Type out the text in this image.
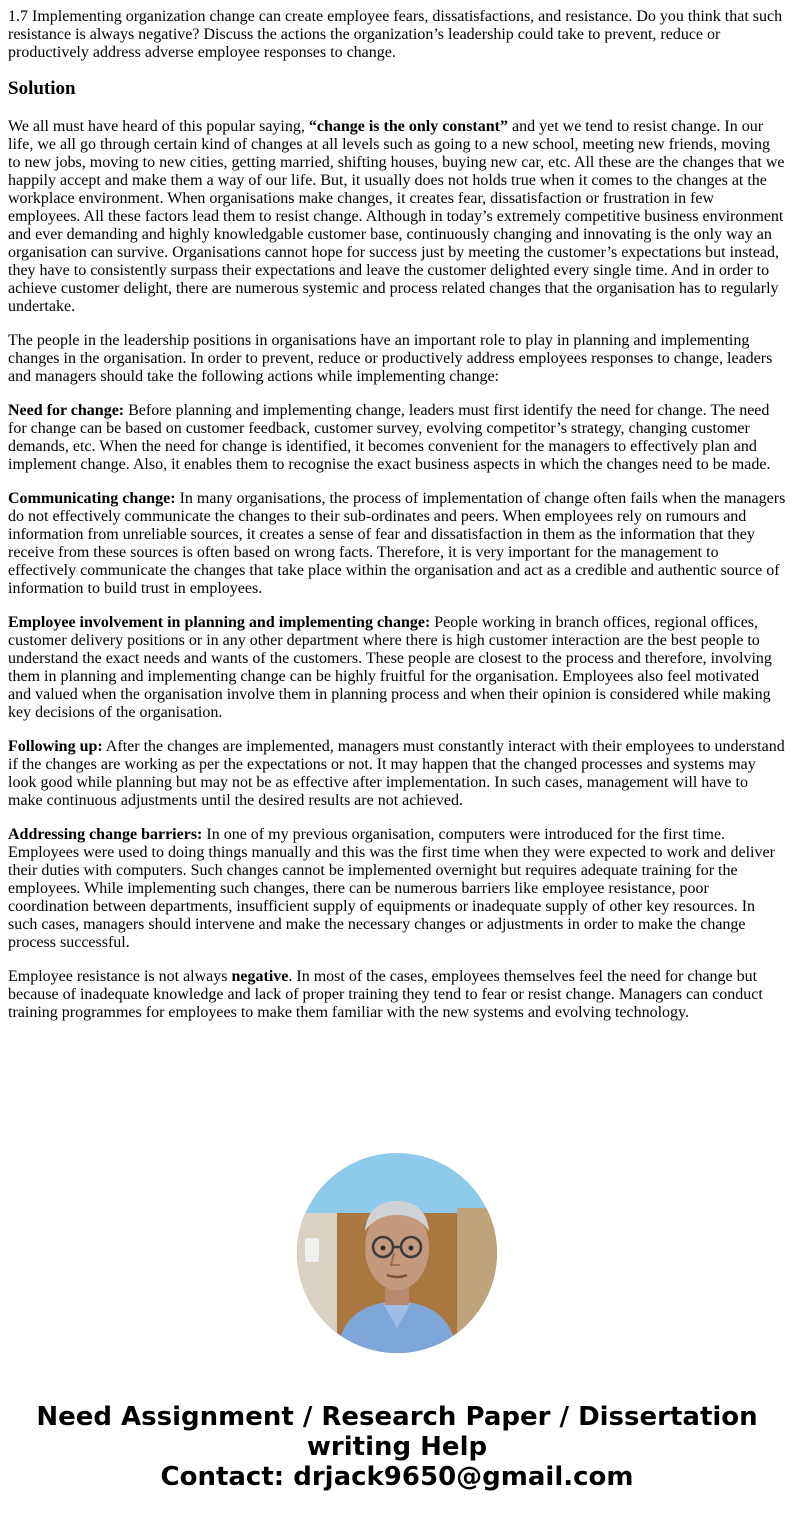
1.7 Implementing organization change can create employee fears, dissatisfactions, and resistance. Do you think that such resistance is always negative? Discuss the actions the organization’s leadership could take to prevent, reduce or productively address adverse employee responses to change.
Solution

We all must have heard of this popular saying, “change is the only constant” and yet we tend to resist change. In our life, we all go through certain kind of changes at all levels such as going to a new school, meeting new friends, moving to new jobs, moving to new cities, getting married, shifting houses, buying new car, etc. All these are the changes that we happily accept and make them a way of our life. But, it usually does not holds true when it comes to the changes at the workplace environment. When organisations make changes, it creates fear, dissatisfaction or frustration in few employees. All these factors lead them to resist change. Although in today’s extremely competitive business environment and ever demanding and highly knowledgable customer base, continuously changing and innovating is the only way an organisation can survive. Organisations cannot hope for success just by meeting the customer’s expectations but instead, they have to consistently surpass their expectations and leave the customer delighted every single time. And in order to achieve customer delight, there are numerous systemic and process related changes that the organisation has to regularly undertake.

The people in the leadership positions in organisations have an important role to play in planning and implementing changes in the organisation. In order to prevent, reduce or productively address employees responses to change, leaders and managers should take the following actions while implementing change:

Need for change: Before planning and implementing change, leaders must first identify the need for change. The need for change can be based on customer feedback, customer survey, evolving competitor’s strategy, changing customer demands, etc. When the need for change is identified, it becomes convenient for the managers to effectively plan and implement change. Also, it enables them to recognise the exact business aspects in which the changes need to be made.

Communicating change: In many organisations, the process of implementation of change often fails when the managers do not effectively communicate the changes to their sub-ordinates and peers. When employees rely on rumours and information from unreliable sources, it creates a sense of fear and dissatisfaction in them as the information that they receive from these sources is often based on wrong facts. Therefore, it is very important for the management to effectively communicate the changes that take place within the organisation and act as a credible and authentic source of information to build trust in employees.

Employee involvement in planning and implementing change: People working in branch offices, regional offices, customer delivery positions or in any other department where there is high customer interaction are the best people to understand the exact needs and wants of the customers. These people are closest to the process and therefore, involving them in planning and implementing change can be highly fruitful for the organisation. Employees also feel motivated and valued when the organisation involve them in planning process and when their opinion is considered while making key decisions of the organisation.

Following up: After the changes are implemented, managers must constantly interact with their employees to understand if the changes are working as per the expectations or not. It may happen that the changed processes and systems may look good while planning but may not be as effective after implementation. In such cases, management will have to make continuous adjustments until the desired results are not achieved.

Addressing change barriers: In one of my previous organisation, computers were introduced for the first time. Employees were used to doing things manually and this was the first time when they were expected to work and deliver their duties with computers. Such changes cannot be implemented overnight but requires adequate training for the employees. While implementing such changes, there can be numerous barriers like employee resistance, poor coordination between departments, insufficient supply of equipments or inadequate supply of other key resources. In such cases, managers should intervene and make the necessary changes or adjustments in order to make the change process successful.

Employee resistance is not always negative. In most of the cases, employees themselves feel the need for change but because of inadequate knowledge and lack of proper training they tend to fear or resist change. Managers can conduct training programmes for employees to make them familiar with the new systems and evolving technology.

Need Assignment / Research Paper / Dissertation
writing Help
Contact: drjack9650@gmail.com
